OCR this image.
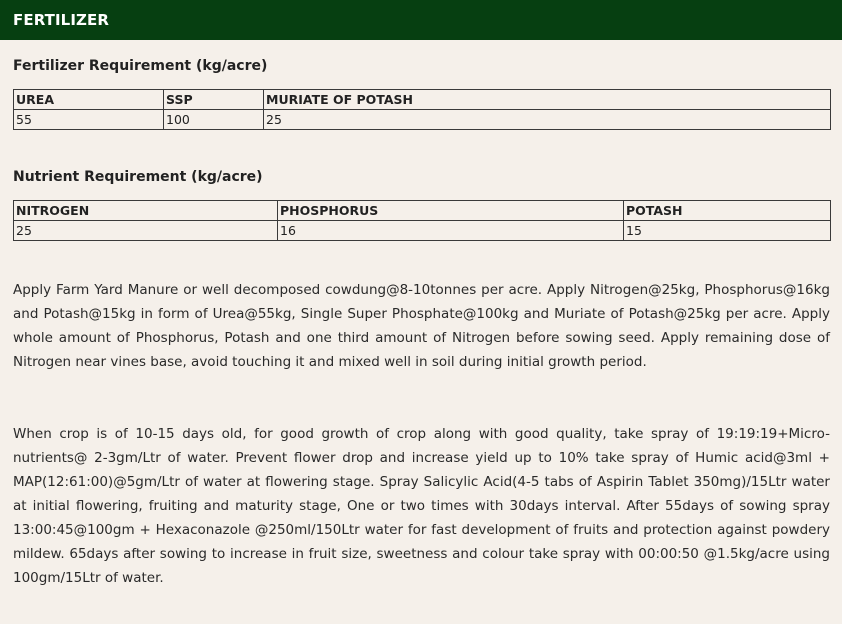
FERTILIZER
Fertilizer Requirement (kg/acre)
UREA	SSP	MURIATE OF POTASH
55	100	25
Nutrient Requirement (kg/acre)
NITROGEN	PHOSPHORUS	POTASH
25	16	15

Apply Farm Yard Manure or well decomposed cowdung@8-10tonnes per acre. Apply Nitrogen@25kg, Phosphorus@16kg and Potash@15kg in form of Urea@55kg, Single Super Phosphate@100kg and Muriate of Potash@25kg per acre. Apply whole amount of Phosphorus, Potash and one third amount of Nitrogen before sowing seed. Apply remaining dose of Nitrogen near vines base, avoid touching it and mixed well in soil during initial growth period.

When crop is of 10-15 days old, for good growth of crop along with good quality, take spray of 19:19:19+Micro-nutrients@ 2-3gm/Ltr of water. Prevent flower drop and increase yield up to 10% take spray of Humic acid@3ml + MAP(12:61:00)@5gm/Ltr of water at flowering stage. Spray Salicylic Acid(4-5 tabs of Aspirin Tablet 350mg)/15Ltr water at initial flowering, fruiting and maturity stage, One or two times with 30days interval. After 55days of sowing spray 13:00:45@100gm + Hexaconazole @250ml/150Ltr water for fast development of fruits and protection against powdery mildew. 65days after sowing to increase in fruit size, sweetness and colour take spray with 00:00:50 @1.5kg/acre using 100gm/15Ltr of water.
